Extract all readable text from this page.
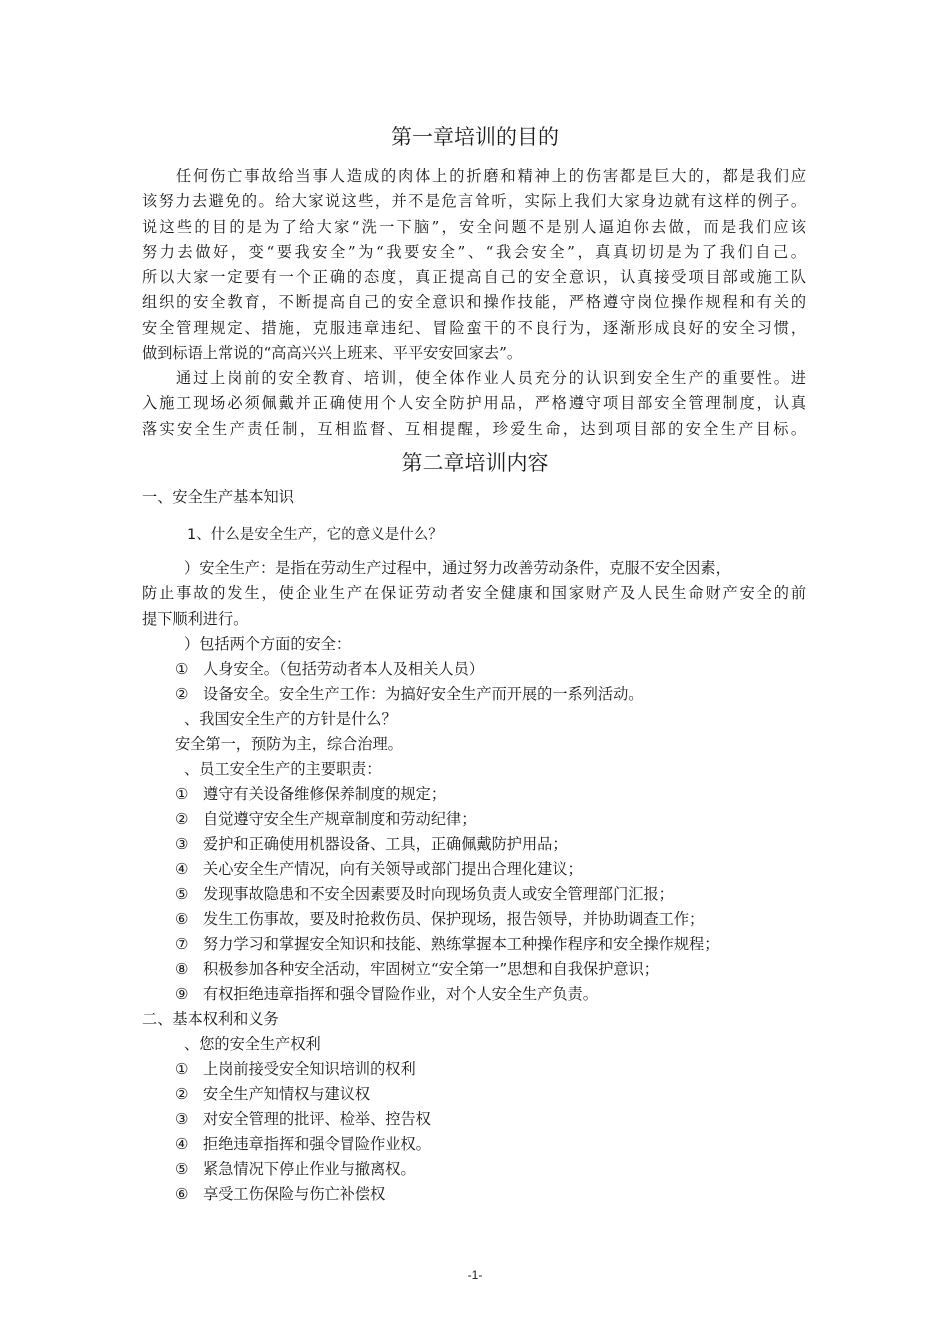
第一章培训的目的
任何伤亡事故给当事人造成的肉体上的折磨和精神上的伤害都是巨大的，都是我们应
该努力去避免的。给大家说这些，并不是危言耸听，实际上我们大家身边就有这样的例子。
说这些的目的是为了给大家“洗一下脑”，安全问题不是别人逼迫你去做，而是我们应该
努力去做好，变“要我安全”为“我要安全”、“我会安全”，真真切切是为了我们自己。
所以大家一定要有一个正确的态度，真正提高自己的安全意识，认真接受项目部或施工队
组织的安全教育，不断提高自己的安全意识和操作技能，严格遵守岗位操作规程和有关的
安全管理规定、措施，克服违章违纪、冒险蛮干的不良行为，逐渐形成良好的安全习惯，
做到标语上常说的“高高兴兴上班来、平平安安回家去”。
通过上岗前的安全教育、培训，使全体作业人员充分的认识到安全生产的重要性。进
入施工现场必须佩戴并正确使用个人安全防护用品，严格遵守项目部安全管理制度，认真
落实安全生产责任制，互相监督、互相提醒，珍爱生命，达到项目部的安全生产目标。
第二章培训内容
一、安全生产基本知识
1、什么是安全生产，它的意义是什么？
）安全生产：是指在劳动生产过程中，通过努力改善劳动条件，克服不安全因素，
防止事故的发生，使企业生产在保证劳动者安全健康和国家财产及人民生命财产安全的前
提下顺利进行。
）包括两个方面的安全：
① 人身安全。（包括劳动者本人及相关人员）
② 设备安全。安全生产工作：为搞好安全生产而开展的一系列活动。
、我国安全生产的方针是什么？
安全第一，预防为主，综合治理。
、员工安全生产的主要职责：
① 遵守有关设备维修保养制度的规定；
② 自觉遵守安全生产规章制度和劳动纪律；
③ 爱护和正确使用机器设备、工具，正确佩戴防护用品；
④ 关心安全生产情况，向有关领导或部门提出合理化建议；
⑤ 发现事故隐患和不安全因素要及时向现场负责人或安全管理部门汇报；
⑥ 发生工伤事故，要及时抢救伤员、保护现场，报告领导，并协助调查工作；
⑦ 努力学习和掌握安全知识和技能、熟练掌握本工种操作程序和安全操作规程；
⑧ 积极参加各种安全活动，牢固树立“安全第一”思想和自我保护意识；
⑨ 有权拒绝违章指挥和强令冒险作业，对个人安全生产负责。
二、基本权利和义务
、您的安全生产权利
① 上岗前接受安全知识培训的权利
② 安全生产知情权与建议权
③ 对安全管理的批评、检举、控告权
④ 拒绝违章指挥和强令冒险作业权。
⑤ 紧急情况下停止作业与撤离权。
⑥ 享受工伤保险与伤亡补偿权
-1-
